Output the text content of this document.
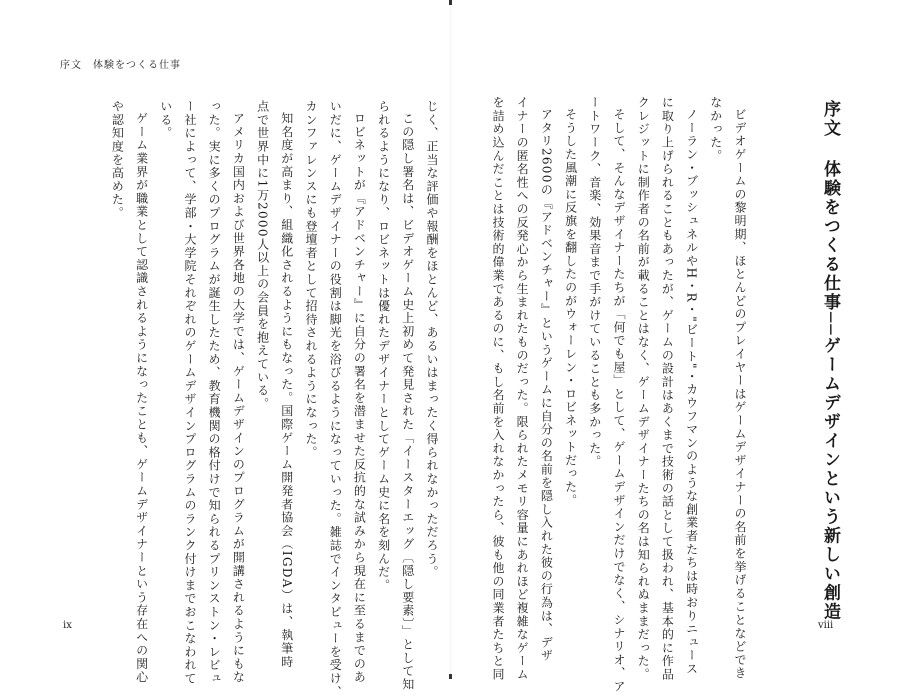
序文　体験をつくる仕事
じく、正当な評価や報酬をほとんど、あるいはまったく得られなかっただろう。
この隠し署名は、ビデオゲーム史上初めて発見された「イースターエッグ〔隠し要素〕」として知
られるようになり、ロビネットは優れたデザイナーとしてゲーム史に名を刻んだ。
ロビネットが『アドベンチャー』に自分の署名を潜ませた反抗的な試みから現在に至るまでのあ
いだに、ゲームデザイナーの役割は脚光を浴びるようになっていった。雑誌でインタビューを受け、
カンファレンスにも登壇者として招待されるようになった。
知名度が高まり、組織化されるようにもなった。国際ゲーム開発者協会（IGDA）は、執筆時
点で世界中に1万2000人以上の会員を抱えている。
アメリカ国内および世界各地の大学では、ゲームデザインのプログラムが開講されるようにもな
った。実に多くのプログラムが誕生したため、教育機関の格付けで知られるプリンストン・レビュ
ー社によって、学部・大学院それぞれのゲームデザインプログラムのランク付けまでおこなわれて
いる。
ゲーム業界が職業として認識されるようになったことも、ゲームデザイナーという存在への関心
や認知度を高めた。
ix
序文体験をつくる仕事──ゲームデザインという新しい創造
ビデオゲームの黎明期、ほとんどのプレイヤーはゲームデザイナーの名前を挙げることなどでき
なかった。
ノーラン・ブッシュネルやH・R・"ビート"・カウフマンのような創業者たちは時おりニュース
に取り上げられることもあったが、ゲームの設計はあくまで技術の話として扱われ、基本的に作品
クレジットに制作者の名前が載ることはなく、ゲームデザイナーたちの名は知られぬままだった。
そして、そんなデザイナーたちが「何でも屋」として、ゲームデザインだけでなく、シナリオ、ア
ートワーク、音楽、効果音まで手がけていることも多かった。
そうした風潮に反旗を翻したのがウォーレン・ロビネットだった。
アタリ2600の『アドベンチャー』というゲームに自分の名前を隠し入れた彼の行為は、デザ
イナーの匿名性への反発心から生まれたものだった。限られたメモリ容量にあれほど複雑なゲーム
を詰め込んだことは技術的偉業であるのに、もし名前を入れなかったら、彼も他の同業者たちと同	viii
